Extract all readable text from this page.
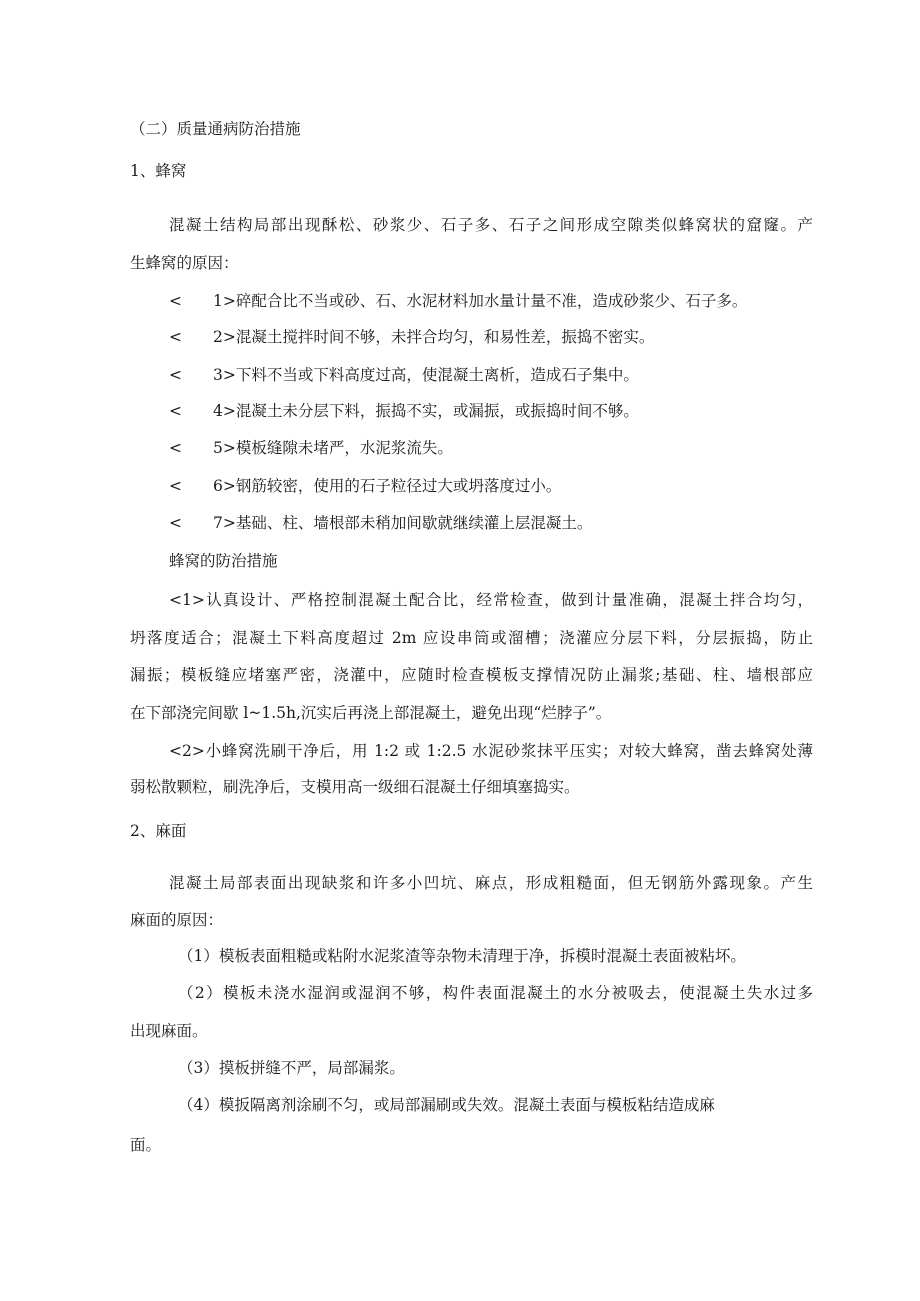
（二）质量通病防治措施
1、蜂窝
混凝土结构局部出现酥松、砂浆少、石子多、石子之间形成空隙类似蜂窝状的窟窿。产
生蜂窝的原因：
< 1>碎配合比不当或砂、石、水泥材料加水量计量不准，造成砂浆少、石子多。
< 2>混凝土搅拌时间不够，未拌合均匀，和易性差，振捣不密实。
< 3>下料不当或下料高度过高，使混凝土离析，造成石子集中。
< 4>混凝土未分层下料，振捣不实，或漏振，或振捣时间不够。
< 5>模板缝隙未堵严，水泥浆流失。
< 6>钢筋较密，使用的石子粒径过大或坍落度过小。
< 7>基础、柱、墙根部未稍加间歇就继续灌上层混凝土。
蜂窝的防治措施
<1>认真设计、严格控制混凝土配合比，经常检查，做到计量准确，混凝土拌合均匀，
坍落度适合；混凝土下料高度超过 2m 应设串筒或溜槽；浇灌应分层下料，分层振捣，防止
漏振；模板缝应堵塞严密，浇灌中，应随时检查模板支撑情况防止漏浆;基础、柱、墙根部应
在下部浇完间歇 l~1.5h,沉实后再浇上部混凝土，避免出现“烂脖子”。
<2>小蜂窝洗刷干净后，用 1:2 或 1:2.5 水泥砂浆抹平压实；对较大蜂窝，凿去蜂窝处薄
弱松散颗粒，刷洗净后，支模用高一级细石混凝土仔细填塞捣实。
2、麻面
混凝土局部表面出现缺浆和许多小凹坑、麻点，形成粗糙面，但无钢筋外露现象。产生
麻面的原因：
（1）模板表面粗糙或粘附水泥浆渣等杂物未清理于净，拆模时混凝土表面被粘坏。
（2）模板未浇水湿润或湿润不够，构件表面混凝土的水分被吸去，使混凝土失水过多
出现麻面。
（3）摸板拼缝不严，局部漏浆。
（4）模扳隔离剂涂刷不匀，或局部漏刷或失效。混凝土表面与模板粘结造成麻
面。
